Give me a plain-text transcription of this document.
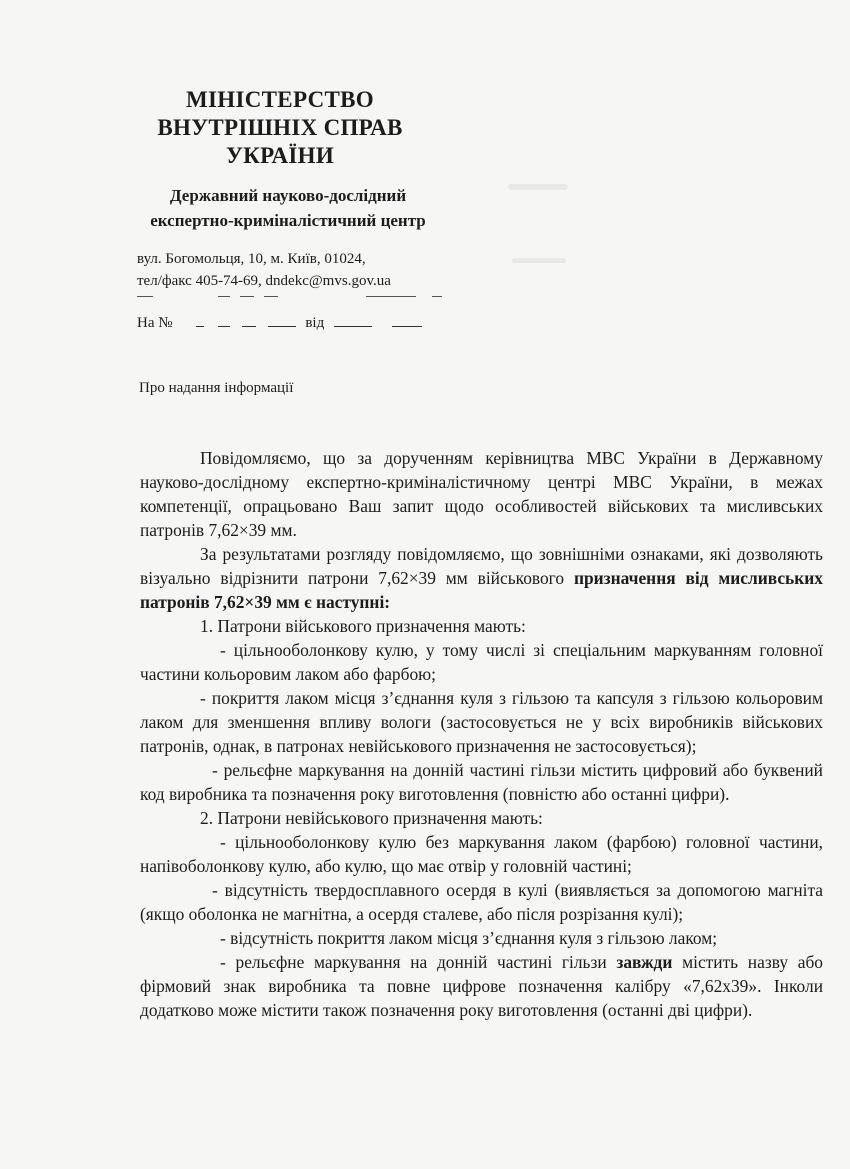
МІНІСТЕРСТВО
ВНУТРІШНІХ СПРАВ
УКРАЇНИ
Державний науково-дослідний
експертно-криміналістичний центр
вул. Богомольця, 10, м. Київ, 01024,
тел/факс 405-74-69, dndekc@mvs.gov.ua
На №	від
Про надання інформації

Повідомляємо, що за дорученням керівництва МВС України в Державному науково-дослідному експертно-криміналістичному центрі МВС України, в межах компетенції, опрацьовано Ваш запит щодо особливостей військових та мисливських патронів 7,62×39 мм.

За результатами розгляду повідомляємо, що зовнішніми ознаками, які дозволяють візуально відрізнити патрони 7,62×39 мм військового призначення від мисливських патронів 7,62×39 мм є наступні:

1. Патрони військового призначення мають:

- цільнооболонкову кулю, у тому числі зі спеціальним маркуванням головної частини кольоровим лаком або фарбою;

- покриття лаком місця з’єднання куля з гільзою та капсуля з гільзою кольоровим лаком для зменшення впливу вологи (застосовується не у всіх виробників військових патронів, однак, в патронах невійськового призначення не застосовується);

- рельєфне маркування на донній частині гільзи містить цифровий або буквений код виробника та позначення року виготовлення (повністю або останні цифри).

2. Патрони невійськового призначення мають:

- цільнооболонкову кулю без маркування лаком (фарбою) головної частини, напівоболонкову кулю, або кулю, що має отвір у головній частині;

- відсутність твердосплавного осердя в кулі (виявляється за допомогою магніта (якщо оболонка не магнітна, а осердя сталеве, або після розрізання кулі);

- відсутність покриття лаком місця з’єднання куля з гільзою лаком;

- рельєфне маркування на донній частині гільзи завжди містить назву або фірмовий знак виробника та повне цифрове позначення калібру «7,62х39». Інколи додатково може містити також позначення року виготовлення (останні дві цифри).
